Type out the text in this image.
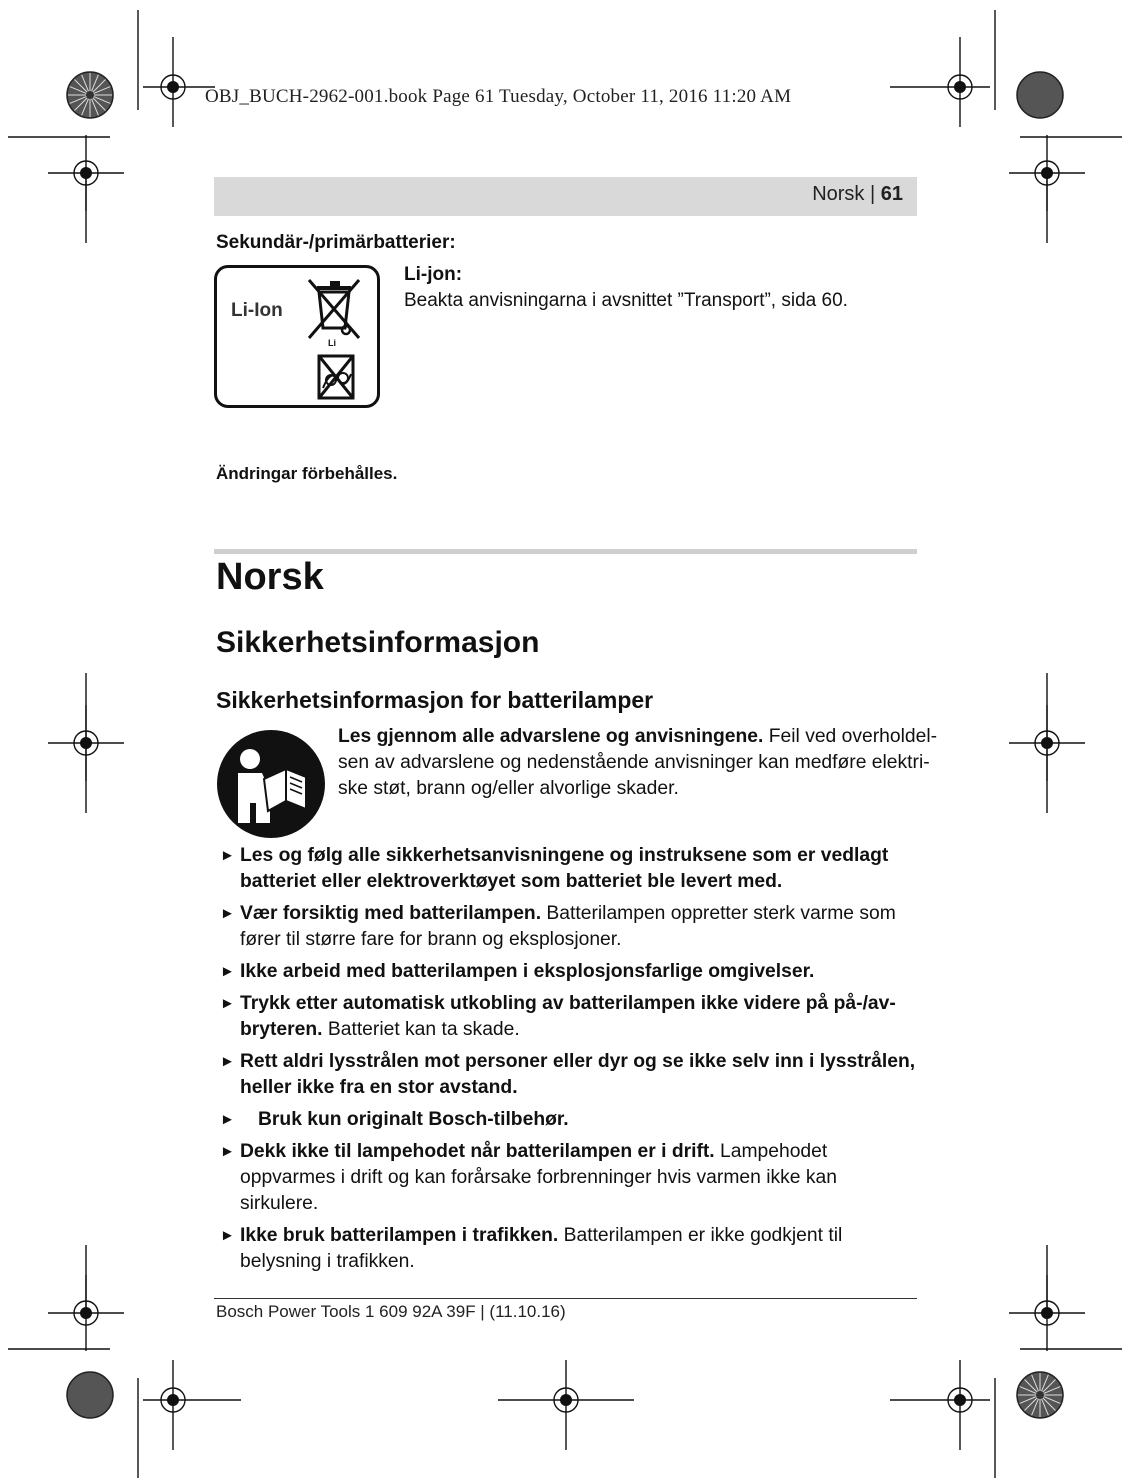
OBJ_BUCH-2962-001.book Page 61 Tuesday, October 11, 2016 11:20 AM
Norsk | 61
Sekundär-/primärbatterier:
Li-Ion
Li
Li-jon:
Beakta anvisningarna i avsnittet ”Transport”, sida 60.
Ändringar förbehålles.
Norsk
Sikkerhetsinformasjon
Sikkerhetsinformasjon for batterilamper
Les gjennom alle advarslene og anvisningene. Feil ved overholdel-
sen av advarslene og nedenstående anvisninger kan medføre elektri-
ske støt, brann og/eller alvorlige skader.
► Les og følg alle sikkerhetsanvisningene og instruksene som er vedlagt batteriet eller elektroverktøyet som batteriet ble levert med.
► Vær forsiktig med batterilampen. Batterilampen oppretter sterk varme som fører til større fare for brann og eksplosjoner.
► Ikke arbeid med batterilampen i eksplosjonsfarlige omgivelser.
► Trykk etter automatisk utkobling av batterilampen ikke videre på på-/av-bryteren. Batteriet kan ta skade.
► Rett aldri lysstrålen mot personer eller dyr og se ikke selv inn i lysstrålen, heller ikke fra en stor avstand.
► Bruk kun originalt Bosch-tilbehør.
► Dekk ikke til lampehodet når batterilampen er i drift. Lampehodet oppvarmes i drift og kan forårsake forbrenninger hvis varmen ikke kan sirkulere.
► Ikke bruk batterilampen i trafikken. Batterilampen er ikke godkjent til belysning i trafikken.
Bosch Power Tools 1 609 92A 39F | (11.10.16)
